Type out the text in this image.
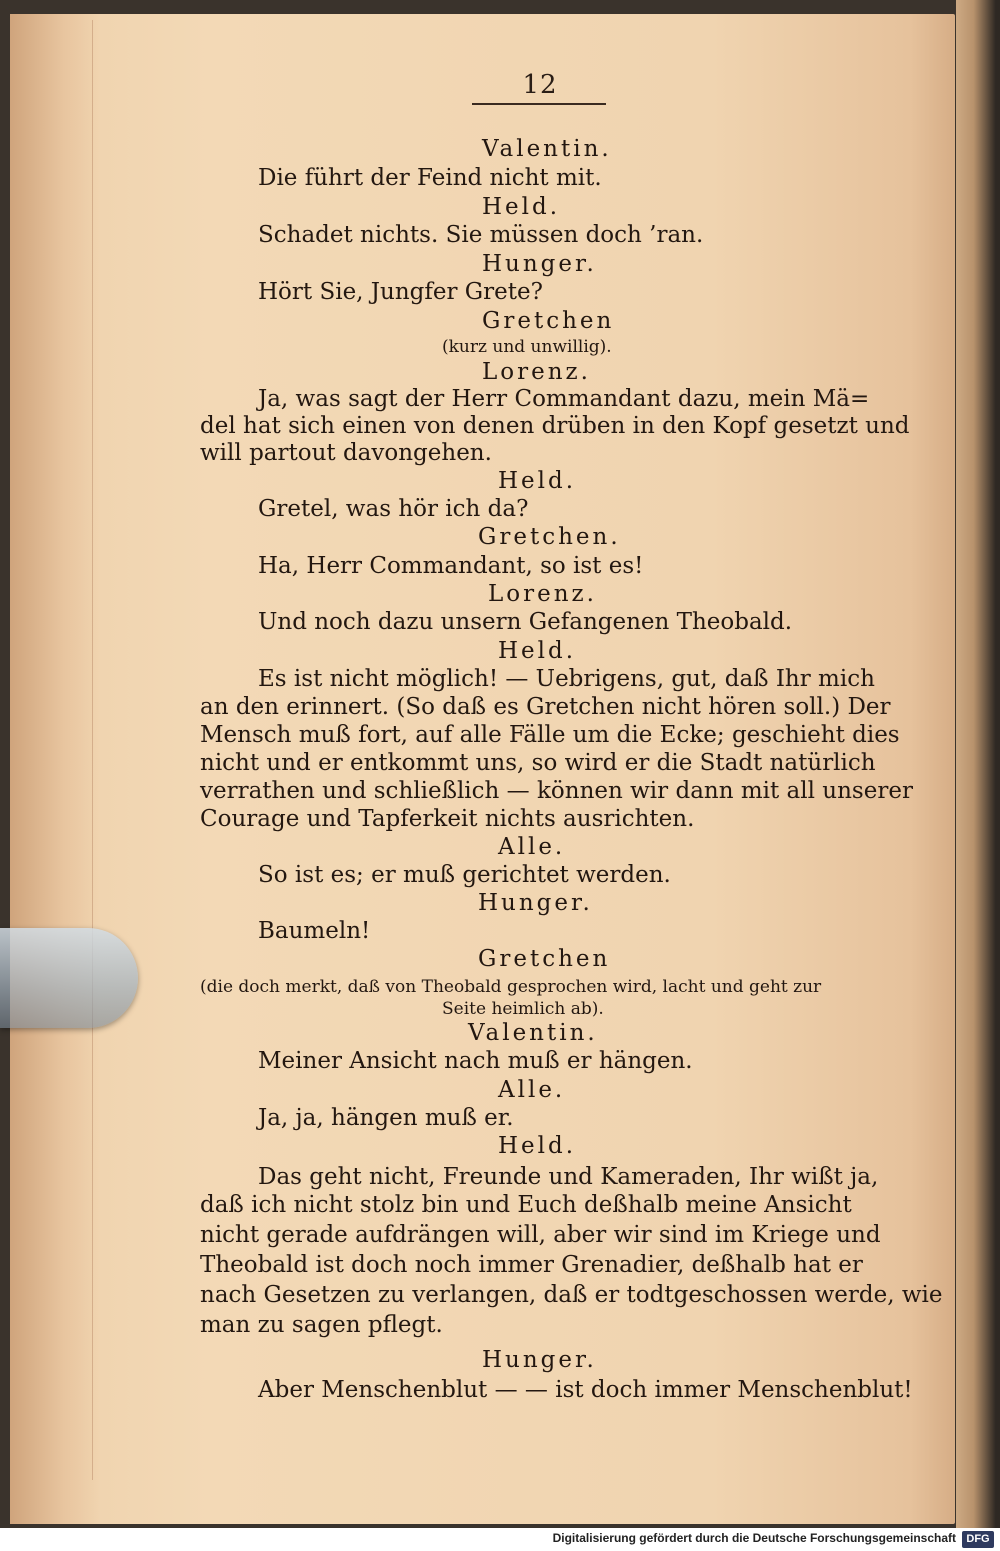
12
Valentin.
Die führt der Feind nicht mit.
Held.
Schadet nichts. Sie müssen doch ’ran.
Hunger.
Hört Sie, Jungfer Grete?
Gretchen
(kurz und unwillig).
Lorenz.
Ja, was sagt der Herr Commandant dazu, mein Mä=
del hat sich einen von denen drüben in den Kopf gesetzt und
will partout davongehen.
Held.
Gretel, was hör ich da?
Gretchen.
Ha, Herr Commandant, so ist es!
Lorenz.
Und noch dazu unsern Gefangenen Theobald.
Held.
Es ist nicht möglich! — Uebrigens, gut, daß Ihr mich
an den erinnert. (So daß es Gretchen nicht hören soll.) Der
Mensch muß fort, auf alle Fälle um die Ecke; geschieht dies
nicht und er entkommt uns, so wird er die Stadt natürlich
verrathen und schließlich — können wir dann mit all unserer
Courage und Tapferkeit nichts ausrichten.
Alle.
So ist es; er muß gerichtet werden.
Hunger.
Baumeln!
Gretchen
(die doch merkt, daß von Theobald gesprochen wird, lacht und geht zur
Seite heimlich ab).
Valentin.
Meiner Ansicht nach muß er hängen.
Alle.
Ja, ja, hängen muß er.
Held.
Das geht nicht, Freunde und Kameraden, Ihr wißt ja,
daß ich nicht stolz bin und Euch deßhalb meine Ansicht
nicht gerade aufdrängen will, aber wir sind im Kriege und
Theobald ist doch noch immer Grenadier, deßhalb hat er
nach Gesetzen zu verlangen, daß er todtgeschossen werde, wie
man zu sagen pflegt.
Hunger.
Aber Menschenblut — — ist doch immer Menschenblut!
Digitalisierung gefördert durch die Deutsche Forschungsgemeinschaft DFG
